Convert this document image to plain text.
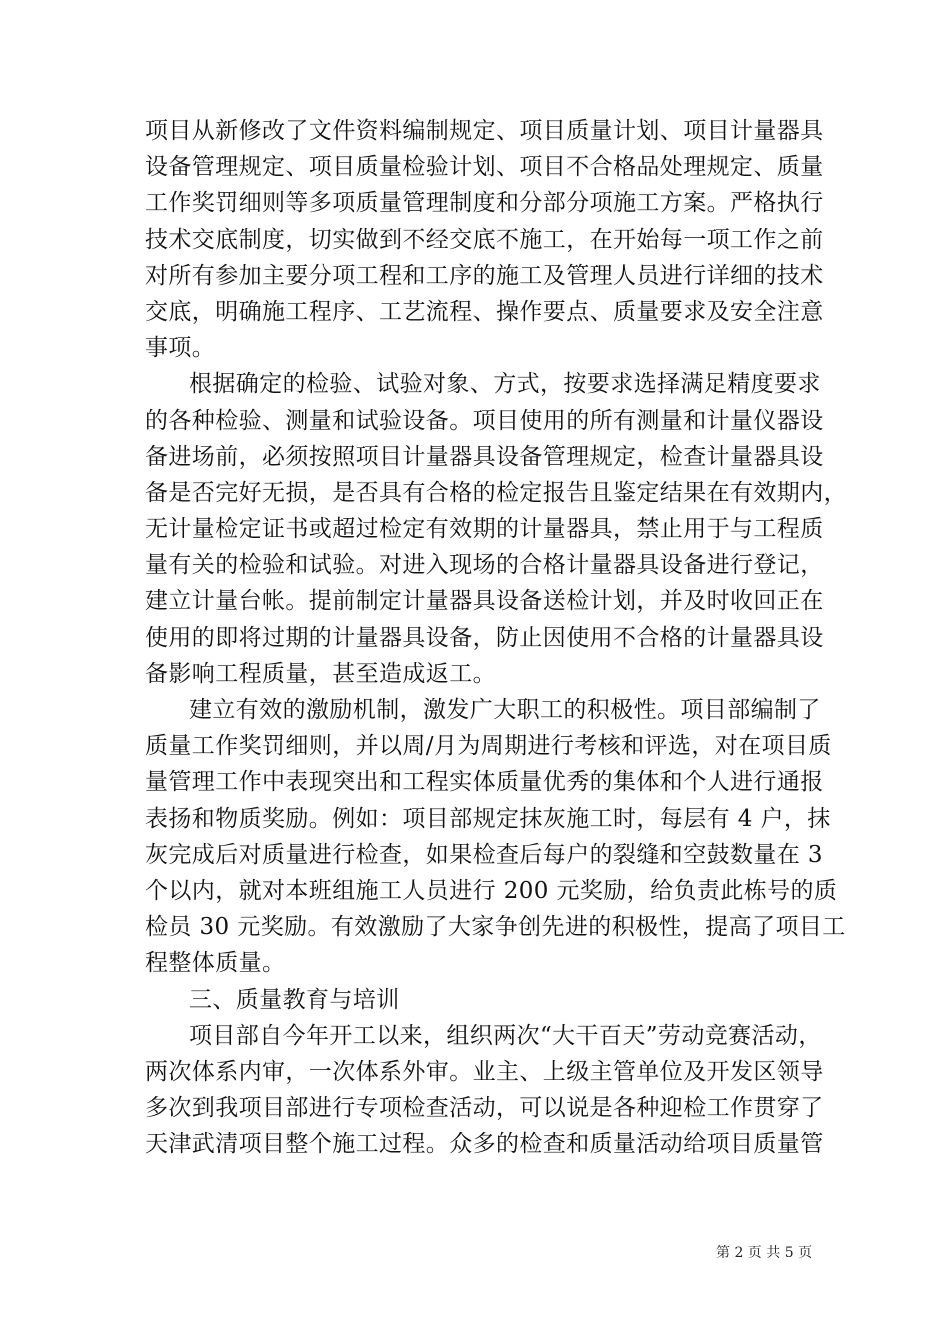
项目从新修改了文件资料编制规定、项目质量计划、项目计量器具
设备管理规定、项目质量检验计划、项目不合格品处理规定、质量
工作奖罚细则等多项质量管理制度和分部分项施工方案。严格执行
技术交底制度，切实做到不经交底不施工，在开始每一项工作之前
对所有参加主要分项工程和工序的施工及管理人员进行详细的技术
交底，明确施工程序、工艺流程、操作要点、质量要求及安全注意
事项。
根据确定的检验、试验对象、方式，按要求选择满足精度要求
的各种检验、测量和试验设备。项目使用的所有测量和计量仪器设
备进场前，必须按照项目计量器具设备管理规定，检查计量器具设
备是否完好无损，是否具有合格的检定报告且鉴定结果在有效期内，
无计量检定证书或超过检定有效期的计量器具，禁止用于与工程质
量有关的检验和试验。对进入现场的合格计量器具设备进行登记，
建立计量台帐。提前制定计量器具设备送检计划，并及时收回正在
使用的即将过期的计量器具设备，防止因使用不合格的计量器具设
备影响工程质量，甚至造成返工。
建立有效的激励机制，激发广大职工的积极性。项目部编制了
质量工作奖罚细则，并以周/月为周期进行考核和评选，对在项目质
量管理工作中表现突出和工程实体质量优秀的集体和个人进行通报
表扬和物质奖励。例如：项目部规定抹灰施工时，每层有 4 户，抹
灰完成后对质量进行检查，如果检查后每户的裂缝和空鼓数量在 3
个以内，就对本班组施工人员进行 200 元奖励，给负责此栋号的质
检员 30 元奖励。有效激励了大家争创先进的积极性，提高了项目工
程整体质量。
三、质量教育与培训
项目部自今年开工以来，组织两次“大干百天”劳动竞赛活动，
两次体系内审，一次体系外审。业主、上级主管单位及开发区领导
多次到我项目部进行专项检查活动，可以说是各种迎检工作贯穿了
天津武清项目整个施工过程。众多的检查和质量活动给项目质量管
第 2 页 共 5 页
